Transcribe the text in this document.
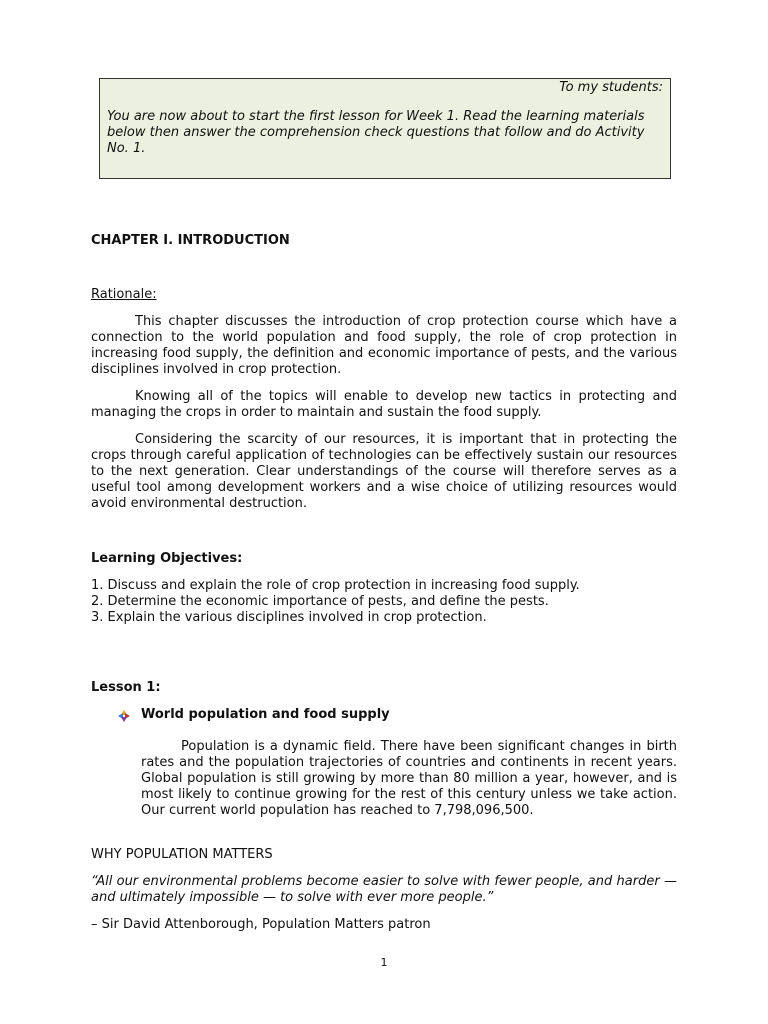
To my students:
You are now about to start the first lesson for Week 1. Read the learning materials below then answer the comprehension check questions that follow and do Activity No. 1.
CHAPTER I. INTRODUCTION
Rationale:
This chapter discusses the introduction of crop protection course which have a connection to the world population and food supply, the role of crop protection in increasing food supply, the definition and economic importance of pests, and the various disciplines involved in crop protection.
Knowing all of the topics will enable to develop new tactics in protecting and managing the crops in order to maintain and sustain the food supply.
Considering the scarcity of our resources, it is important that in protecting the crops through careful application of technologies can be effectively sustain our resources to the next generation. Clear understandings of the course will therefore serves as a useful tool among development workers and a wise choice of utilizing resources would avoid environmental destruction.
Learning Objectives:

1. Discuss and explain the role of crop protection in increasing food supply.

2. Determine the economic importance of pests, and define the pests.

3. Explain the various disciplines involved in crop protection.

Lesson 1:
World population and food supply
Population is a dynamic field. There have been significant changes in birth rates and the population trajectories of countries and continents in recent years. Global population is still growing by more than 80 million a year, however, and is most likely to continue growing for the rest of this century unless we take action. Our current world population has reached to 7,798,096,500.
WHY POPULATION MATTERS
“All our environmental problems become easier to solve with fewer people, and harder — and ultimately impossible — to solve with ever more people.”
– Sir David Attenborough, Population Matters patron
1
